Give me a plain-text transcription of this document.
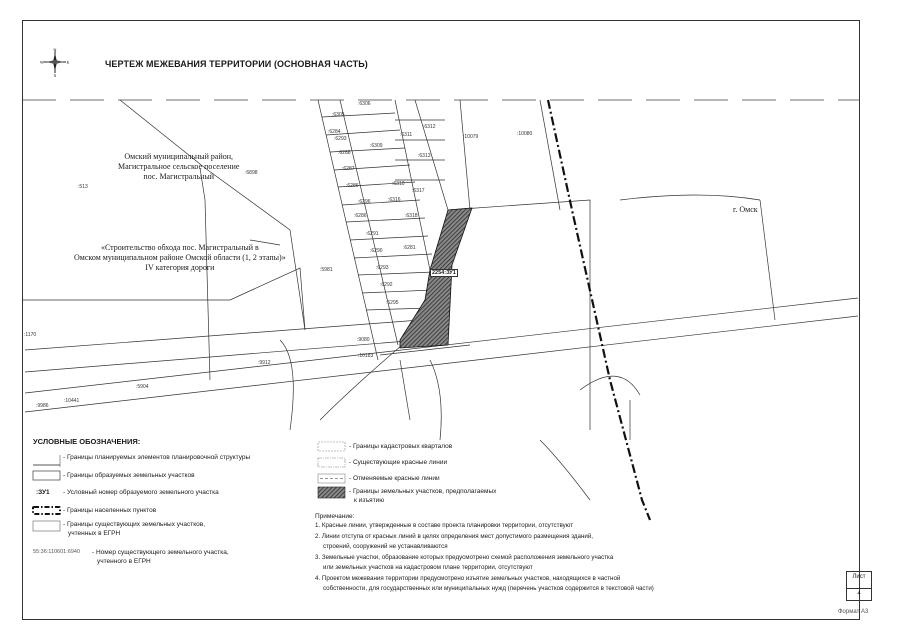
N
S
W	E	ЧЕРТЕЖ МЕЖЕВАНИЯ ТЕРРИТОРИИ (ОСНОВНАЯ ЧАСТЬ)
:6306
:6305
:6284
:6293
:6288
:6309
:6287
:6312
:6313
:6311
:6286	:6310
:6317
:6316
:6286
:6296
:6318
:6291
:6281
:6293
:6290
:6295
:6292
:10079	:10080
:6898
:513
:5981
:9080
:10183
:9912
:5904
:9986
:10441
:1170
Омский муниципальный район,
Магистральное сельское поселение
пос. Магистральный
«Строительство обхода пос. Магистральный в
Омском муниципальном районе Омской области (1, 2 этапы)»
IV категория дороги
г. Омск
2254:ЗУ1
УСЛОВНЫЕ ОБОЗНАЧЕНИЯ:
- Границы планируемых элементов планировочной структуры
- Границы образуемых земельных участков
:ЗУ1 - Условный номер образуемого земельного участка
- Границы населенных пунктов
- Границы существующих земельных участков,
учтенных в ЕГРН
55:36:110601:6940 - Номер существующего земельного участка,
учтенного в ЕГРН
- Границы кадастровых кварталов
- Существующие красные линии
- Отменяемые красные линии
- Границы земельных участков, предполагаемых
к изъятию
Примечание:
1. Красные линии, утвержденные в составе проекта планировки территории, отсутствуют
2. Линии отступа от красных линий в целях определения мест допустимого размещения зданий,
строений, сооружений не устанавливаются
3. Земельные участки, образование которых предусмотрено схемой расположения земельного участка
или земельных участков на кадастровом плане территории, отсутствуют
4. Проектом межевания территории предусмотрено изъятие земельных участков, находящихся в частной
собственности, для государственных или муниципальных нужд (перечень участков содержится в текстовой части)
Лист
4
Формат А3
